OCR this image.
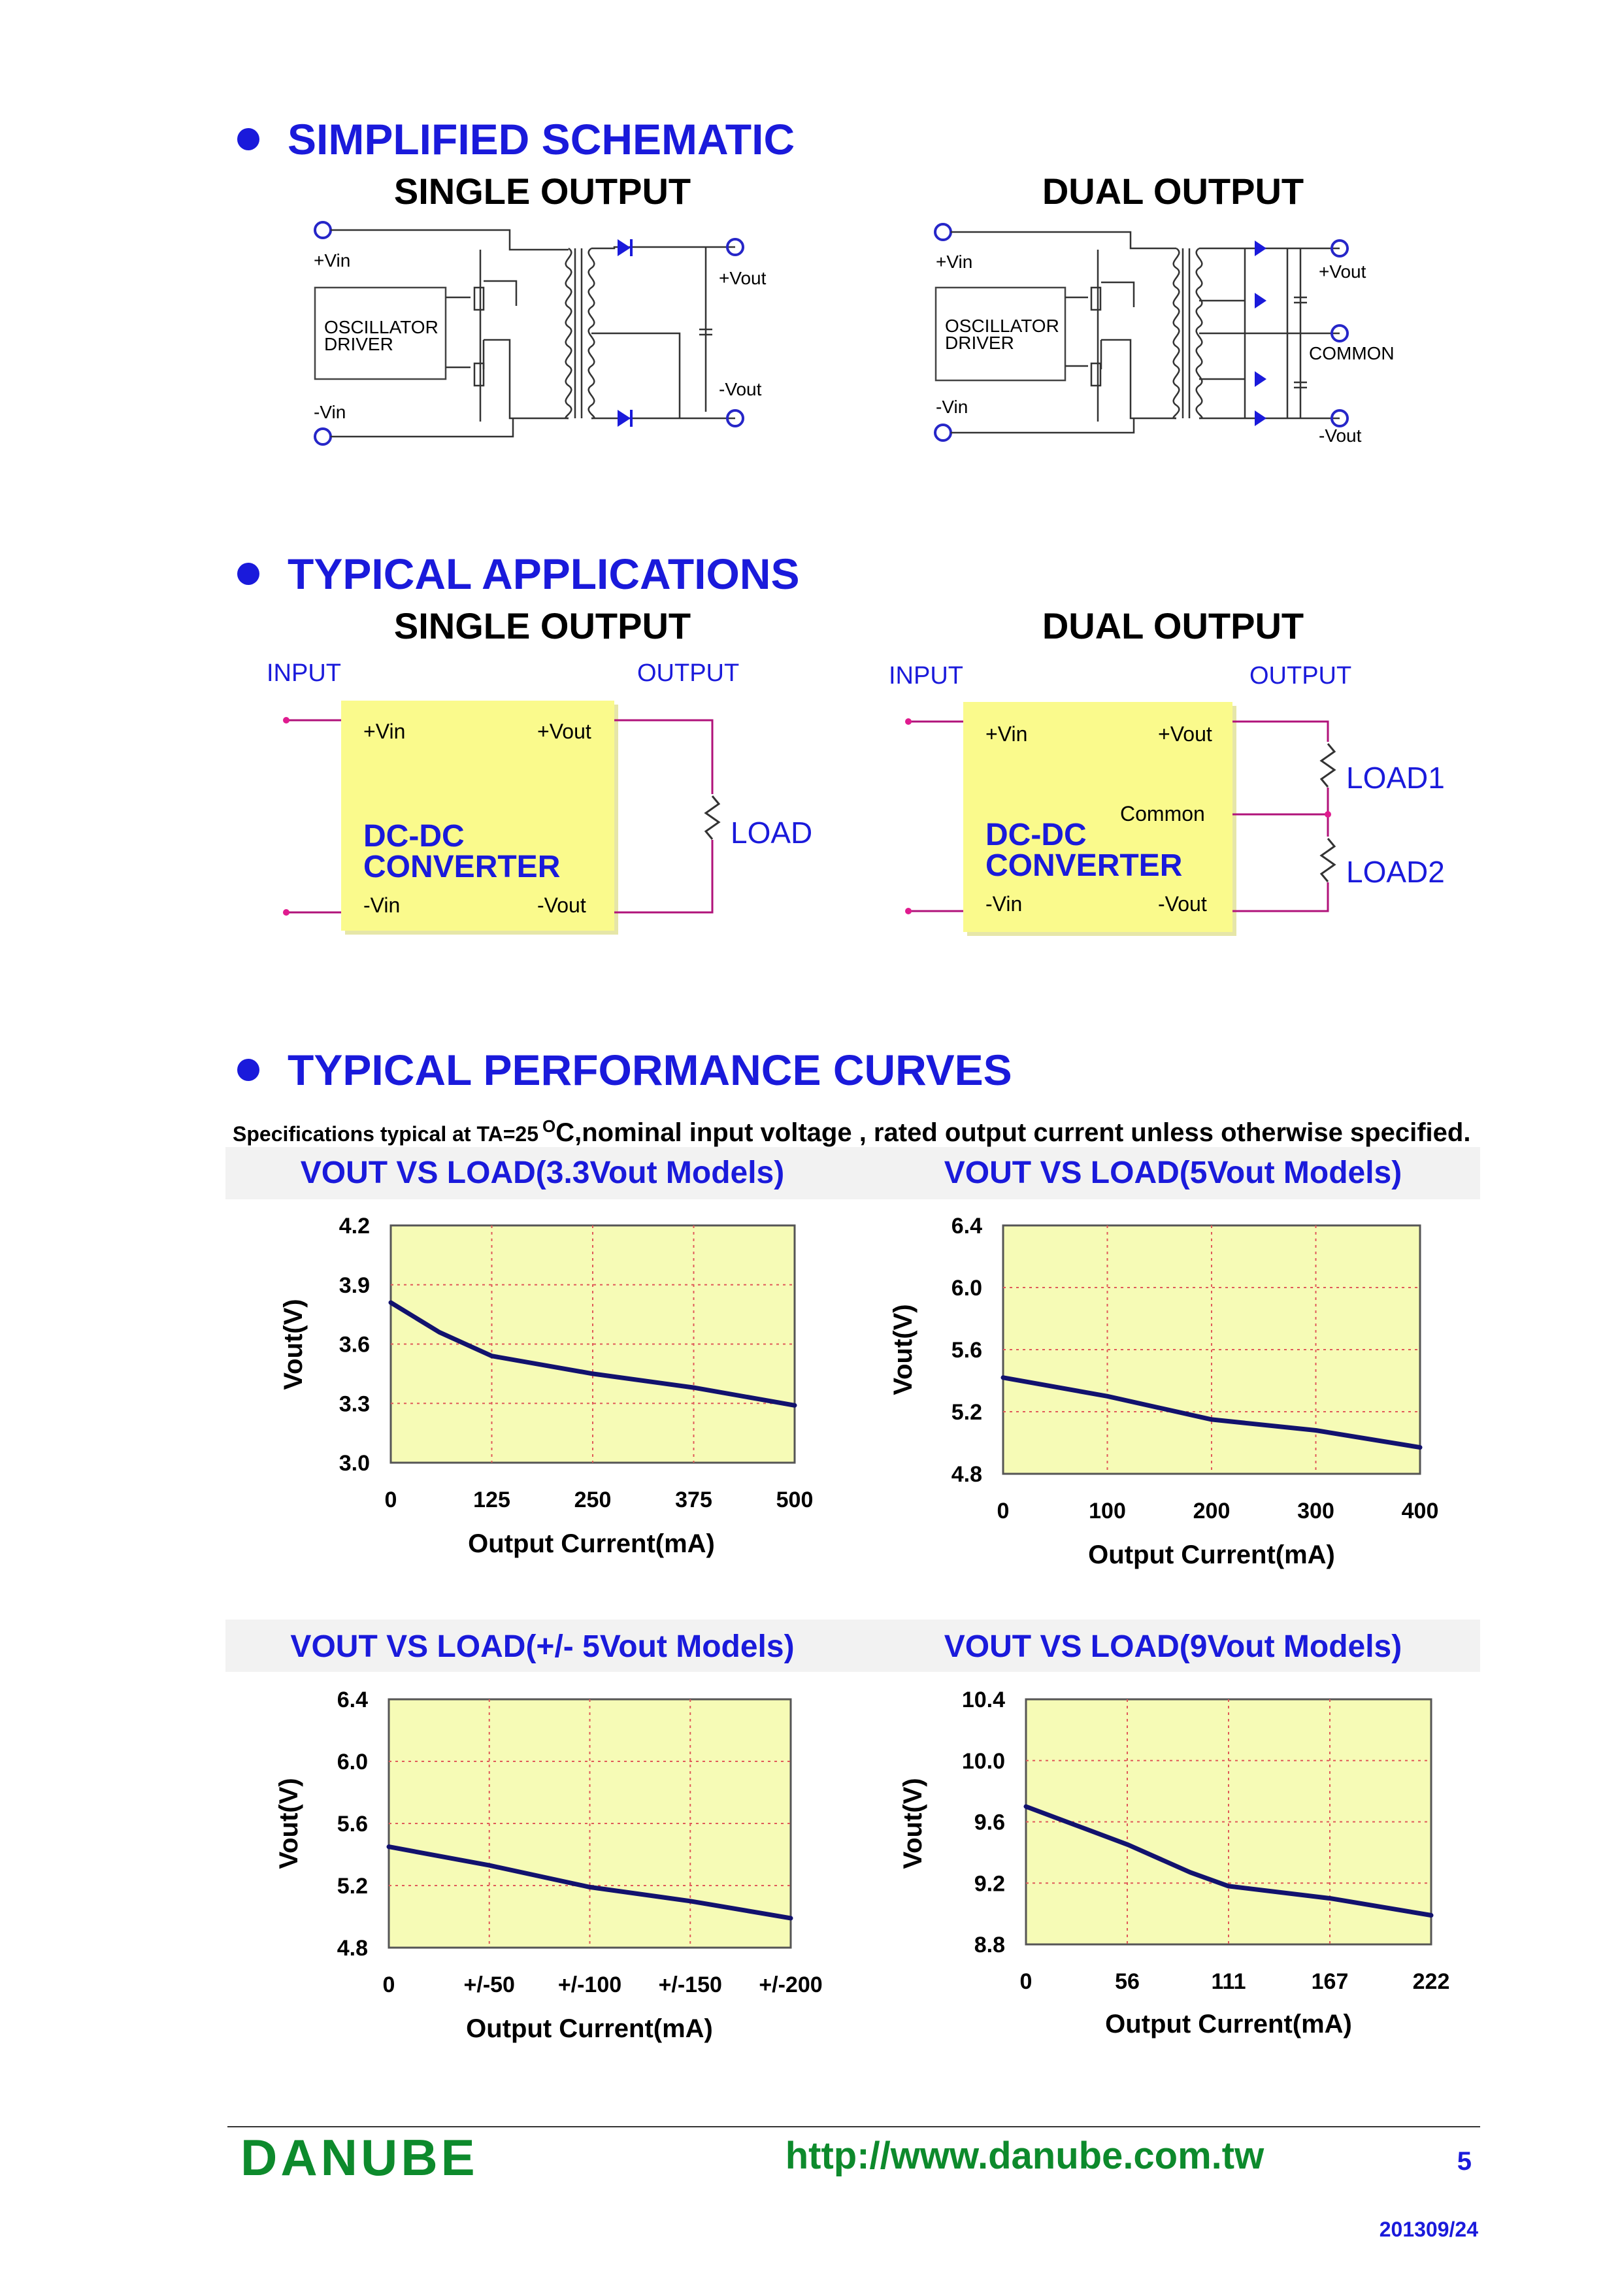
SIMPLIFIED SCHEMATIC
SINGLE OUTPUT	DUAL OUTPUT
+Vin
-Vin
OSCILLATOR
DRIVER
+Vout
-Vout
+Vin
-Vin
OSCILLATOR
DRIVER
+Vout
COMMON
-Vout
TYPICAL APPLICATIONS
SINGLE OUTPUT	DUAL OUTPUT
INPUT	OUTPUT
+Vin	+Vout
DC-DC
CONVERTER
-Vin	-Vout
LOAD
INPUT	OUTPUT
+Vin	+Vout
Common
DC-DC
CONVERTER
-Vin	-Vout
LOAD1
LOAD2
TYPICAL PERFORMANCE CURVES
Specifications typical at TA=25 $^O$C,nominal input voltage , rated output current unless otherwise specified.
VOUT VS LOAD(3.3Vout Models)
0	125	250	375	500
4.2
3.9
3.6
3.3
3.0
Output Current(mA)
Vout(V)
VOUT VS LOAD(5Vout Models)
0	100	200	300	400
6.4
6.0
5.6
5.2
4.8
Output Current(mA)
Vout(V)
VOUT VS LOAD(+/- 5Vout Models)
0	+/-50 +/-100 +/-150 +/-200
6.4
6.0
5.6
5.2
4.8
Output Current(mA)
Vout(V)
VOUT VS LOAD(9Vout Models)
0	56	111	167	222
10.4
10.0
9.6
9.2
8.8
Output Current(mA)
Vout(V)
DANUBE	http://www.danube.com.tw	5
201309/24
